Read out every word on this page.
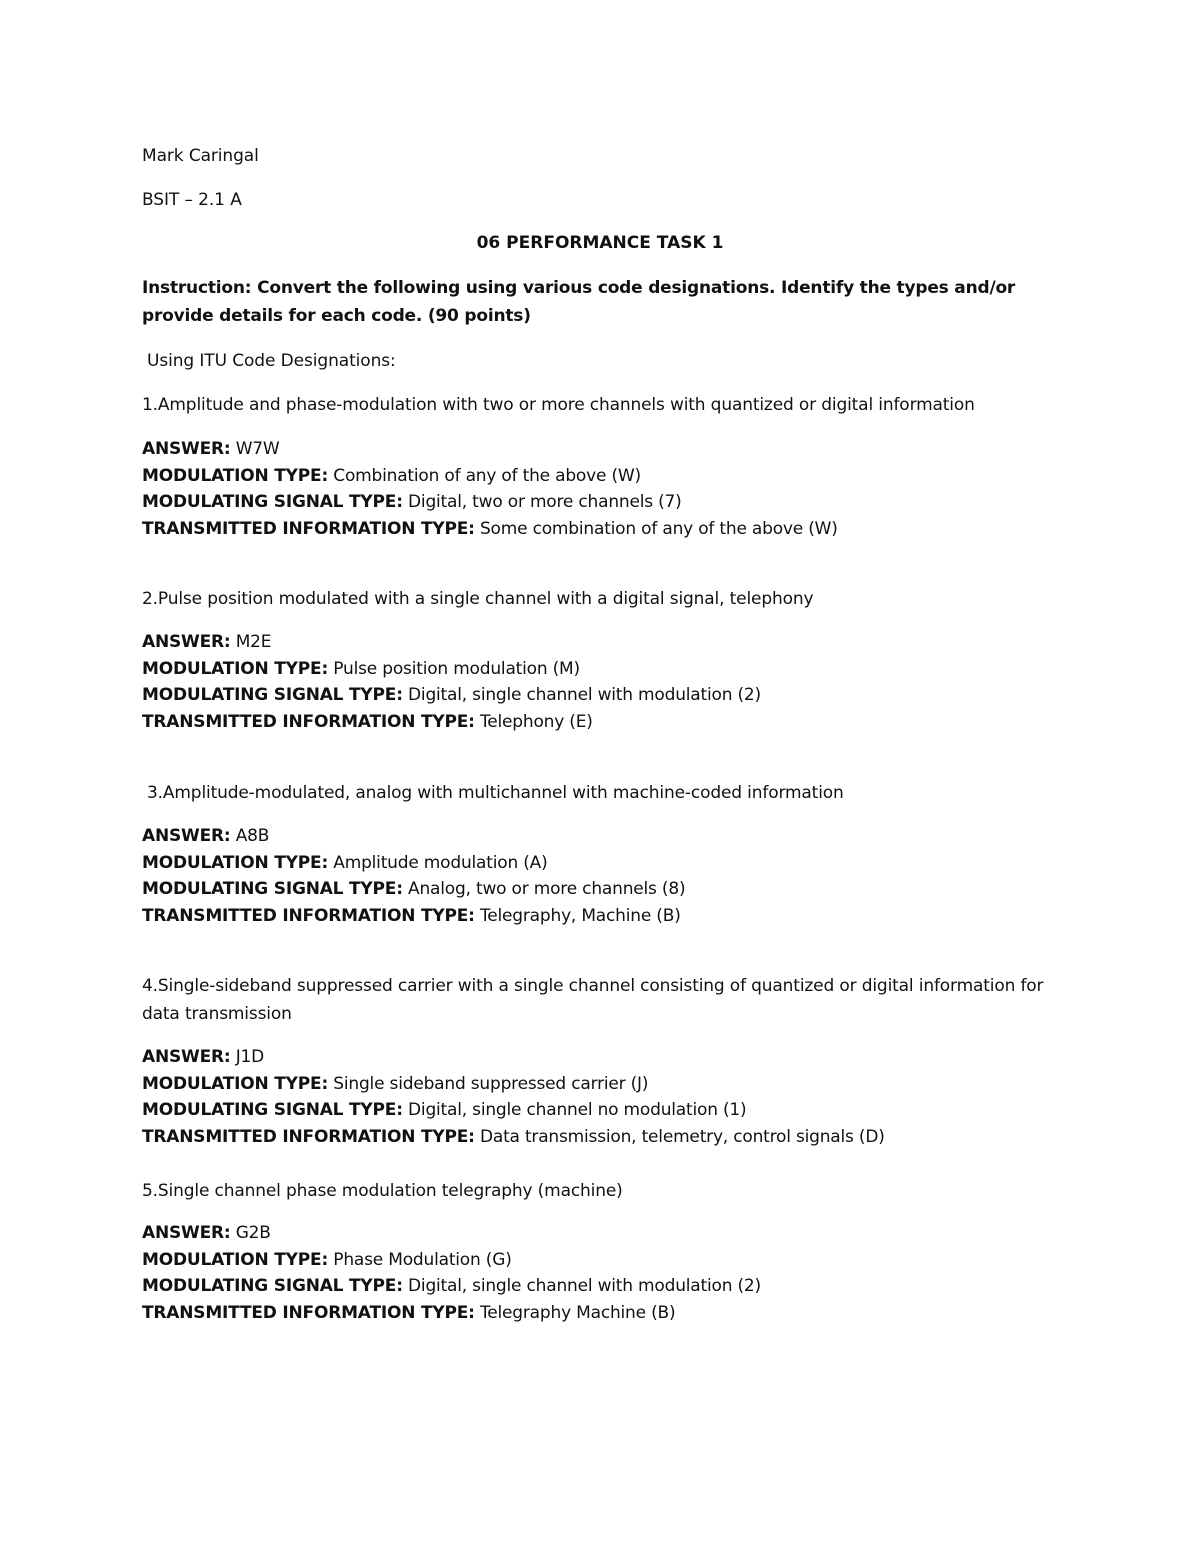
Mark Caringal
BSIT – 2.1 A
06 PERFORMANCE TASK 1
Instruction: Convert the following using various code designations. Identify the types and/or provide details for each code. (90 points)
Using ITU Code Designations:
1.Amplitude and phase-modulation with two or more channels with quantized or digital information
ANSWER: W7W
MODULATION TYPE: Combination of any of the above (W)
MODULATING SIGNAL TYPE: Digital, two or more channels (7)
TRANSMITTED INFORMATION TYPE: Some combination of any of the above (W)
2.Pulse position modulated with a single channel with a digital signal, telephony
ANSWER: M2E
MODULATION TYPE: Pulse position modulation (M)
MODULATING SIGNAL TYPE: Digital, single channel with modulation (2)
TRANSMITTED INFORMATION TYPE: Telephony (E)
3.Amplitude-modulated, analog with multichannel with machine-coded information
ANSWER: A8B
MODULATION TYPE: Amplitude modulation (A)
MODULATING SIGNAL TYPE: Analog, two or more channels (8)
TRANSMITTED INFORMATION TYPE: Telegraphy, Machine (B)
4.Single-sideband suppressed carrier with a single channel consisting of quantized or digital information for data transmission
ANSWER: J1D
MODULATION TYPE: Single sideband suppressed carrier (J)
MODULATING SIGNAL TYPE: Digital, single channel no modulation (1)
TRANSMITTED INFORMATION TYPE: Data transmission, telemetry, control signals (D)
5.Single channel phase modulation telegraphy (machine)
ANSWER: G2B
MODULATION TYPE: Phase Modulation (G)
MODULATING SIGNAL TYPE: Digital, single channel with modulation (2)
TRANSMITTED INFORMATION TYPE: Telegraphy Machine (B)
